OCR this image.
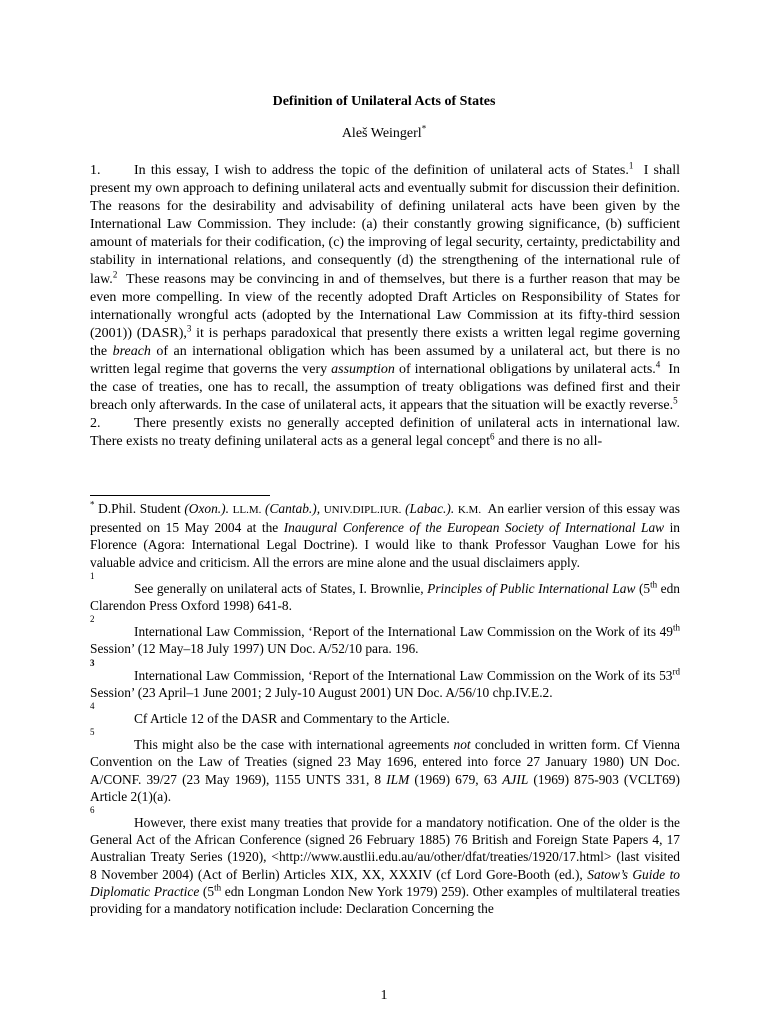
Definition of Unilateral Acts of States
Aleš Weingerl*

1. In this essay, I wish to address the topic of the definition of unilateral acts of States.$^1$ I shall present my own approach to defining unilateral acts and eventually submit for discussion their definition. The reasons for the desirability and advisability of defining unilateral acts have been given by the International Law Commission. They include: (a) their constantly growing significance, (b) sufficient amount of materials for their codification, (c) the improving of legal security, certainty, predictability and stability in international relations, and consequently (d) the strengthening of the international rule of law.$^2$ These reasons may be convincing in and of themselves, but there is a further reason that may be even more compelling. In view of the recently adopted Draft Articles on Responsibility of States for internationally wrongful acts (adopted by the International Law Commission at its fifty-third session (2001)) (DASR),$^3$ it is perhaps paradoxical that presently there exists a written legal regime governing the breach of an international obligation which has been assumed by a unilateral act, but there is no written legal regime that governs the very assumption of international obligations by unilateral acts.$^4$ In the case of treaties, one has to recall, the assumption of treaty obligations was defined first and their breach only afterwards. In the case of unilateral acts, it appears that the situation will be exactly reverse.$^5$

2. There presently exists no generally accepted definition of unilateral acts in international law. There exists no treaty defining unilateral acts as a general legal concept$^6$ and there is no all-

* D.Phil. Student (Oxon.). LL.M. (Cantab.), UNIV.DIPL.IUR. (Labac.). K.M. An earlier version of this essay was presented on 15 May 2004 at the Inaugural Conference of the European Society of International Law in Florence (Agora: International Legal Doctrine). I would like to thank Professor Vaughan Lowe for his valuable advice and criticism. All the errors are mine alone and the usual disclaimers apply.

1
See generally on unilateral acts of States, I. Brownlie, Principles of Public International Law (5th edn Clarendon Press Oxford 1998) 641-8.
2
International Law Commission, ‘Report of the International Law Commission on the Work of its 49th Session’ (12 May–18 July 1997) UN Doc. A/52/10 para. 196.
3
International Law Commission, ‘Report of the International Law Commission on the Work of its 53rd Session’ (23 April–1 June 2001; 2 July-10 August 2001) UN Doc. A/56/10 chp.IV.E.2.
4
Cf Article 12 of the DASR and Commentary to the Article.
5
This might also be the case with international agreements not concluded in written form. Cf Vienna Convention on the Law of Treaties (signed 23 May 1696, entered into force 27 January 1980) UN Doc. A/CONF. 39/27 (23 May 1969), 1155 UNTS 331, 8 ILM (1969) 679, 63 AJIL (1969) 875-903 (VCLT69) Article 2(1)(a).
6
However, there exist many treaties that provide for a mandatory notification. One of the older is the General Act of the African Conference (signed 26 February 1885) 76 British and Foreign State Papers 4, 17 Australian Treaty Series (1920), <http://www.austlii.edu.au/au/other/dfat/treaties/1920/17.html> (last visited 8 November 2004) (Act of Berlin) Articles XIX, XX, XXXIV (cf Lord Gore-Booth (ed.), Satow’s Guide to Diplomatic Practice (5th edn Longman London New York 1979) 259). Other examples of multilateral treaties providing for a mandatory notification include: Declaration Concerning the
1
